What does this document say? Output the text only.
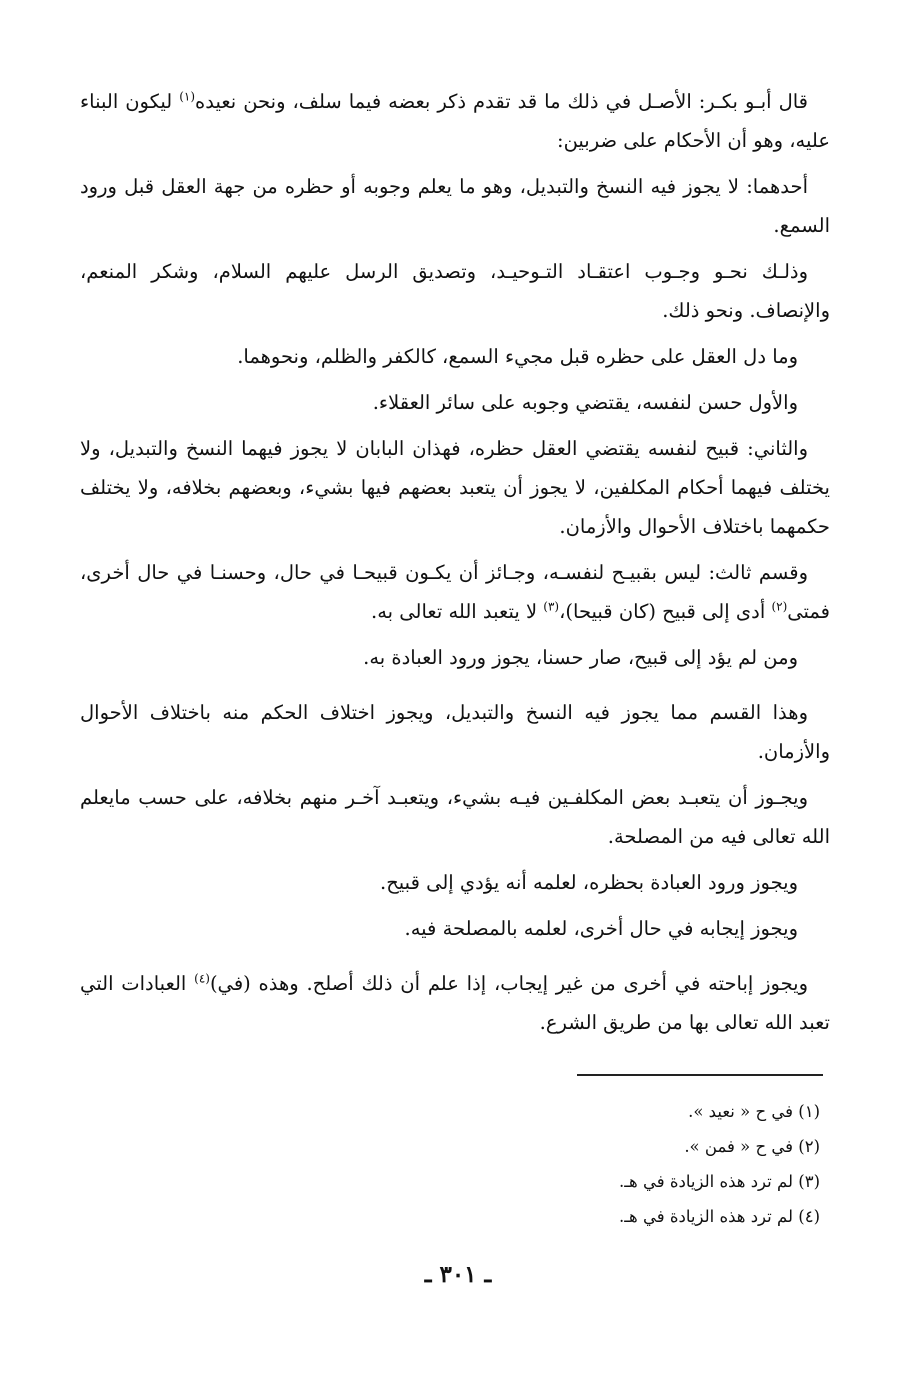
قال أبـو بكـر: الأصـل في ذلك ما قد تقدم ذكر بعضه فيما سلف، ونحن نعيده$^{(١)}$ ليكون البناء عليه، وهو أن الأحكام على ضربين:

أحدهما: لا يجوز فيه النسخ والتبديل، وهو ما يعلم وجوبه أو حظره من جهة العقل قبل ورود السمع.

وذلـك نحـو وجـوب اعتقـاد التـوحيـد، وتصديق الرسل عليهم السلام، وشكر المنعم، والإنصاف. ونحو ذلك.

وما دل العقل على حظره قبل مجيء السمع، كالكفر والظلم، ونحوهما.

والأول حسن لنفسه، يقتضي وجوبه على سائر العقلاء.

والثاني: قبيح لنفسه يقتضي العقل حظره، فهذان البابان لا يجوز فيهما النسخ والتبديل، ولا يختلف فيهما أحكام المكلفين، لا يجوز أن يتعبد بعضهم فيها بشيء، وبعضهم بخلافه، ولا يختلف حكمهما باختلاف الأحوال والأزمان.

وقسم ثالث: ليس بقبيـح لنفسـه، وجـائز أن يكـون قبيحـا في حال، وحسنـا في حال أخرى، فمتى$^{(٢)}$ أدى إلى قبيح (كان قبيحا)،$^{(٣)}$ لا يتعبد الله تعالى به.

ومن لم يؤد إلى قبيح، صار حسنا، يجوز ورود العبادة به.

وهذا القسم مما يجوز فيه النسخ والتبديل، ويجوز اختلاف الحكم منه باختلاف الأحوال والأزمان.

ويجـوز أن يتعبـد بعض المكلفـين فيـه بشيء، ويتعبـد آخـر منهم بخلافه، على حسب مايعلم الله تعالى فيه من المصلحة.

ويجوز ورود العبادة بحظره، لعلمه أنه يؤدي إلى قبيح.

ويجوز إيجابه في حال أخرى، لعلمه بالمصلحة فيه.

ويجوز إباحته في أخرى من غير إيجاب، إذا علم أن ذلك أصلح. وهذه (في)$^{(٤)}$ العبادات التي تعبد الله تعالى بها من طريق الشرع.

(١) في ح « نعيد ».
(٢) في ح « فمن ».
(٣) لم ترد هذه الزيادة في هـ.
(٤) لم ترد هذه الزيادة في هـ.
ـ ٣٠١ ـ
